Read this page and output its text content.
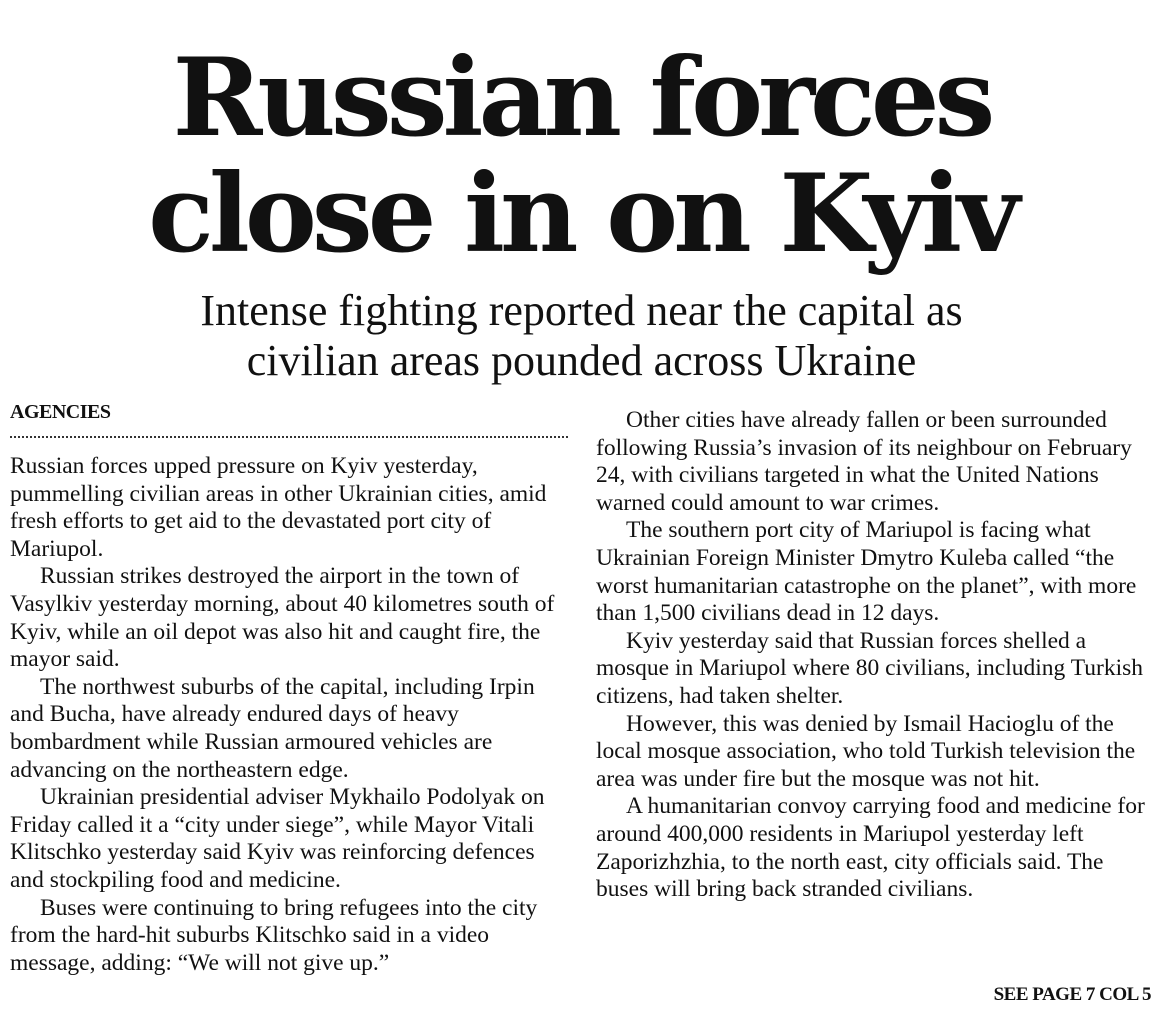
Russian forces
close in on Kyiv
Intense fighting reported near the capital as
civilian areas pounded across Ukraine
AGENCIES

Russian forces upped pressure on Kyiv yesterday, pummelling civilian areas in other Ukrainian cities, amid fresh efforts to get aid to the devastated port city of Mariupol.

Russian strikes destroyed the airport in the town of Vasylkiv yesterday morning, about 40 kilometres south of Kyiv, while an oil depot was also hit and caught fire, the mayor said.

The northwest suburbs of the capital, including Irpin and Bucha, have already endured days of heavy bombardment while Russian armoured vehicles are advancing on the northeastern edge.

Ukrainian presidential adviser Mykhailo Podolyak on Friday called it a “city under siege”, while Mayor Vitali Klitschko yesterday said Kyiv was reinforcing defences and stockpiling food and medicine.

Buses were continuing to bring refugees into the city from the hard-hit suburbs Klitschko said in a video message, adding: “We will not give up.”

Other cities have already fallen or been surrounded following Russia’s invasion of its neighbour on February 24, with civilians targeted in what the United Nations warned could amount to war crimes.

The southern port city of Mariupol is facing what Ukrainian Foreign Minister Dmytro Kuleba called “the worst humanitarian catastrophe on the planet”, with more than 1,500 civilians dead in 12 days.

Kyiv yesterday said that Russian forces shelled a mosque in Mariupol where 80 civilians, including Turkish citizens, had taken shelter.

However, this was denied by Ismail Hacioglu of the local mosque association, who told Turkish television the area was under fire but the mosque was not hit.

A humanitarian convoy carrying food and medicine for around 400,000 residents in Mariupol yesterday left Zaporizhzhia, to the north east, city officials said. The buses will bring back stranded civilians.

SEE PAGE 7 COL 5
